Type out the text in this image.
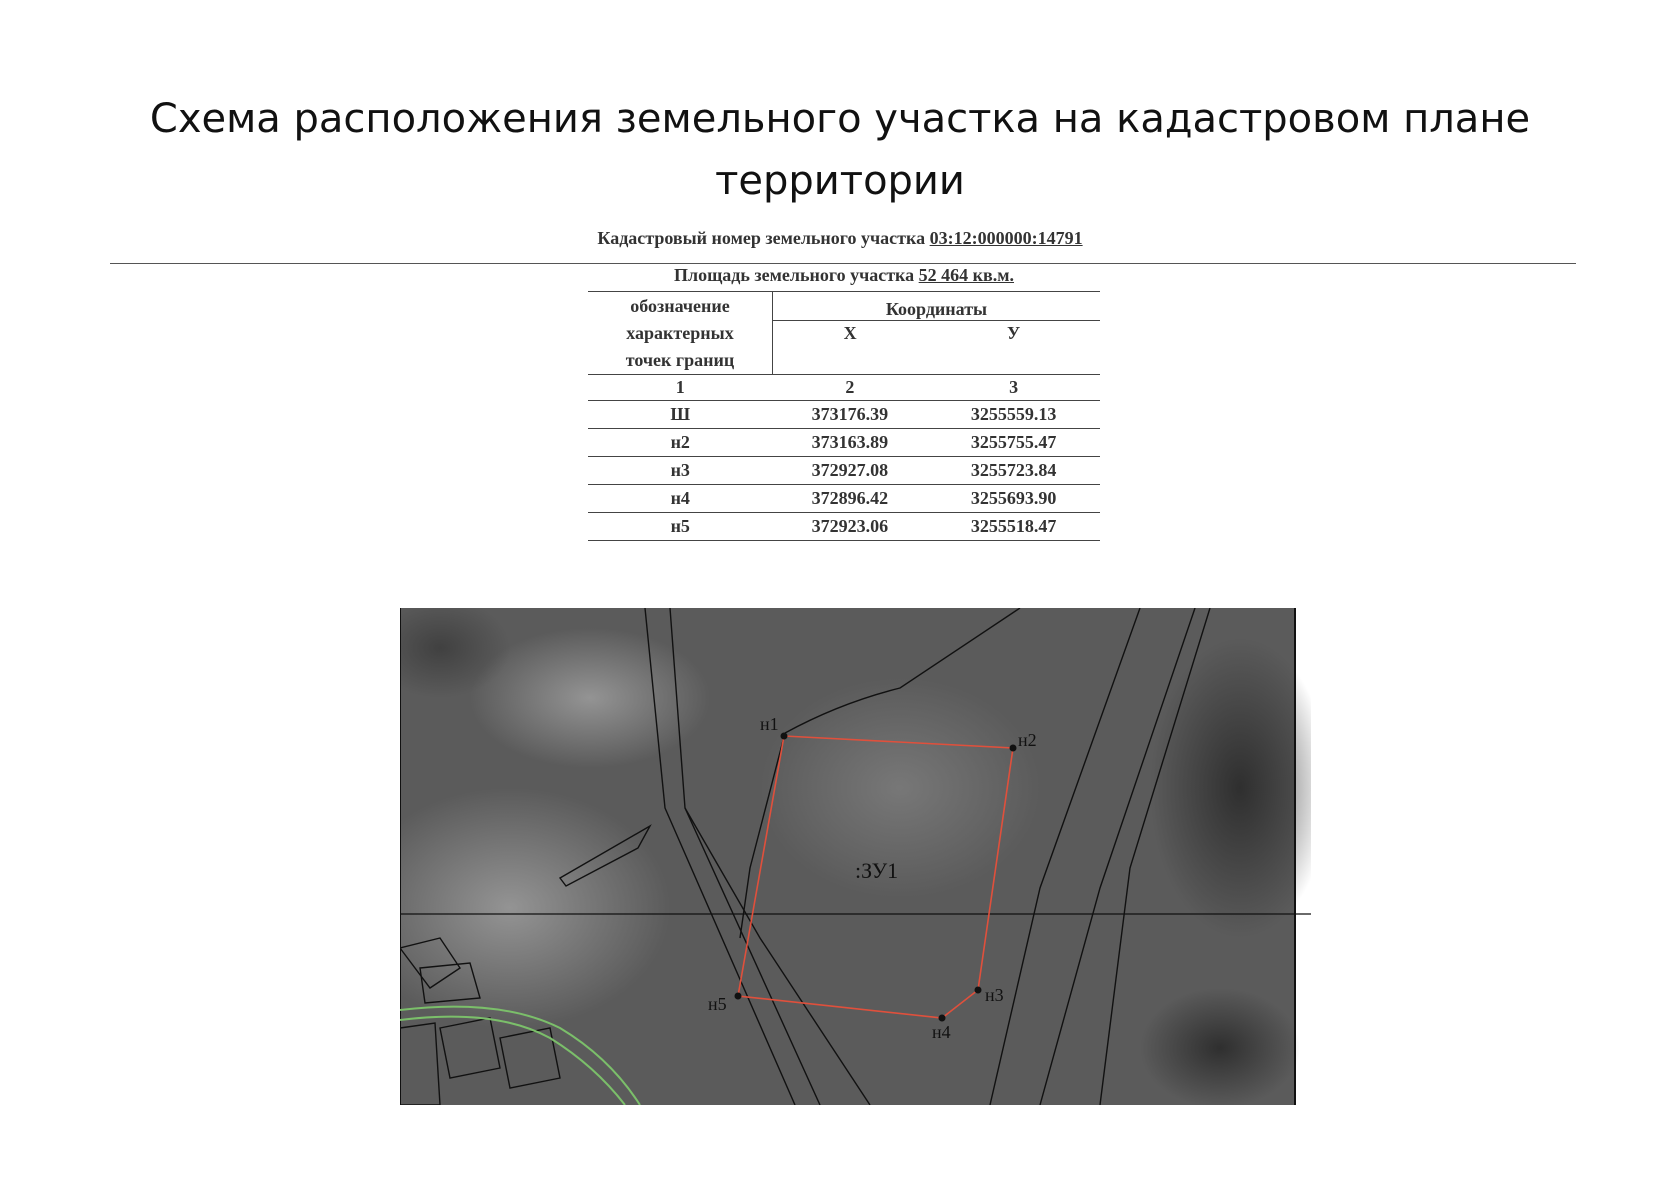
Схема расположения земельного участка на кадастровом плане
территории
Кадастровый номер земельного участка 03:12:000000:14791
Площадь земельного участка 52 464 кв.м.
обозначение
характерных
точек границ	Координаты	
	Х	У
1	2	3
Ш	373176.39	3255559.13
н2	373163.89	3255755.47
н3	372927.08	3255723.84
н4	372896.42	3255693.90
н5	372923.06	3255518.47
н1
н2
н3
н4
н5
:ЗУ1
